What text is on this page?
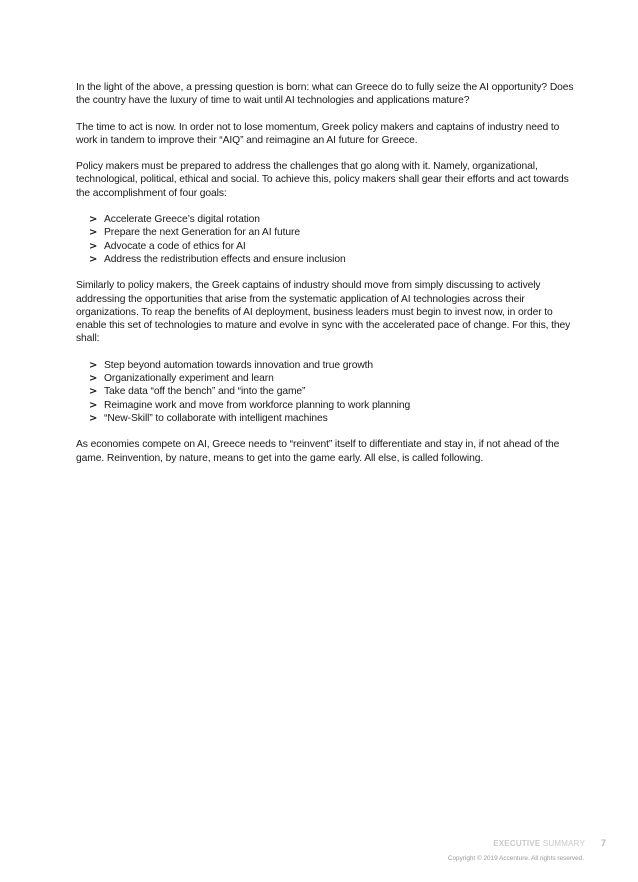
In the light of the above, a pressing question is born: what can Greece do to fully seize the AI opportunity? Does the country have the luxury of time to wait until AI technologies and applications mature?

The time to act is now. In order not to lose momentum, Greek policy makers and captains of industry need to work in tandem to improve their “AIQ” and reimagine an AI future for Greece.

Policy makers must be prepared to address the challenges that go along with it. Namely, organizational, technological, political, ethical and social. To achieve this, policy makers shall gear their efforts and act towards the accomplishment of four goals:

> Accelerate Greece’s digital rotation
> Prepare the next Generation for an AI future
> Advocate a code of ethics for AI
> Address the redistribution effects and ensure inclusion

Similarly to policy makers, the Greek captains of industry should move from simply discussing to actively addressing the opportunities that arise from the systematic application of AI technologies across their organizations. To reap the benefits of AI deployment, business leaders must begin to invest now, in order to enable this set of technologies to mature and evolve in sync with the accelerated pace of change. For this, they shall:

> Step beyond automation towards innovation and true growth
> Organizationally experiment and learn
> Take data “off the bench” and “into the game”
> Reimagine work and move from workforce planning to work planning
> “New-Skill” to collaborate with intelligent machines

As economies compete on AI, Greece needs to “reinvent” itself to differentiate and stay in, if not ahead of the game. Reinvention, by nature, means to get into the game early. All else, is called following.

EXECUTIVE SUMMARY 7
Copyright © 2019 Accenture. All rights reserved.
